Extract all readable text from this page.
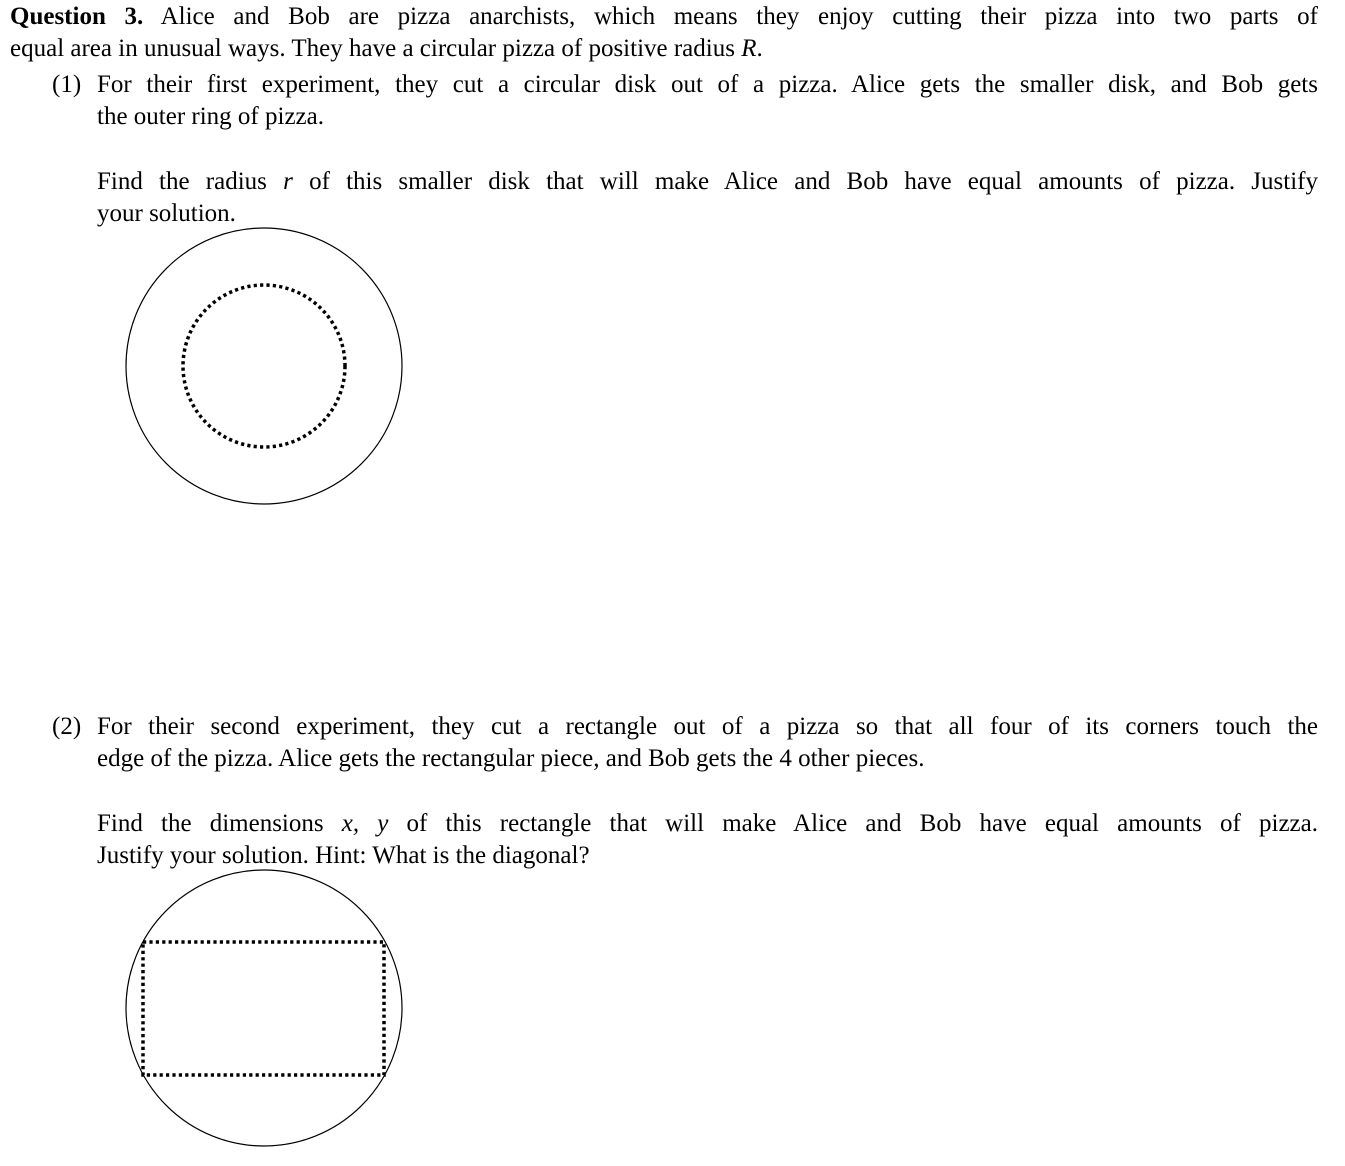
Question 3. Alice and Bob are pizza anarchists, which means they enjoy cutting their pizza into two parts of
equal area in unusual ways. They have a circular pizza of positive radius R.
(1) For their first experiment, they cut a circular disk out of a pizza. Alice gets the smaller disk, and Bob gets
the outer ring of pizza.
Find the radius r of this smaller disk that will make Alice and Bob have equal amounts of pizza. Justify
your solution.
(2) For their second experiment, they cut a rectangle out of a pizza so that all four of its corners touch the
edge of the pizza. Alice gets the rectangular piece, and Bob gets the 4 other pieces.
Find the dimensions x, y of this rectangle that will make Alice and Bob have equal amounts of pizza.
Justify your solution. Hint: What is the diagonal?
